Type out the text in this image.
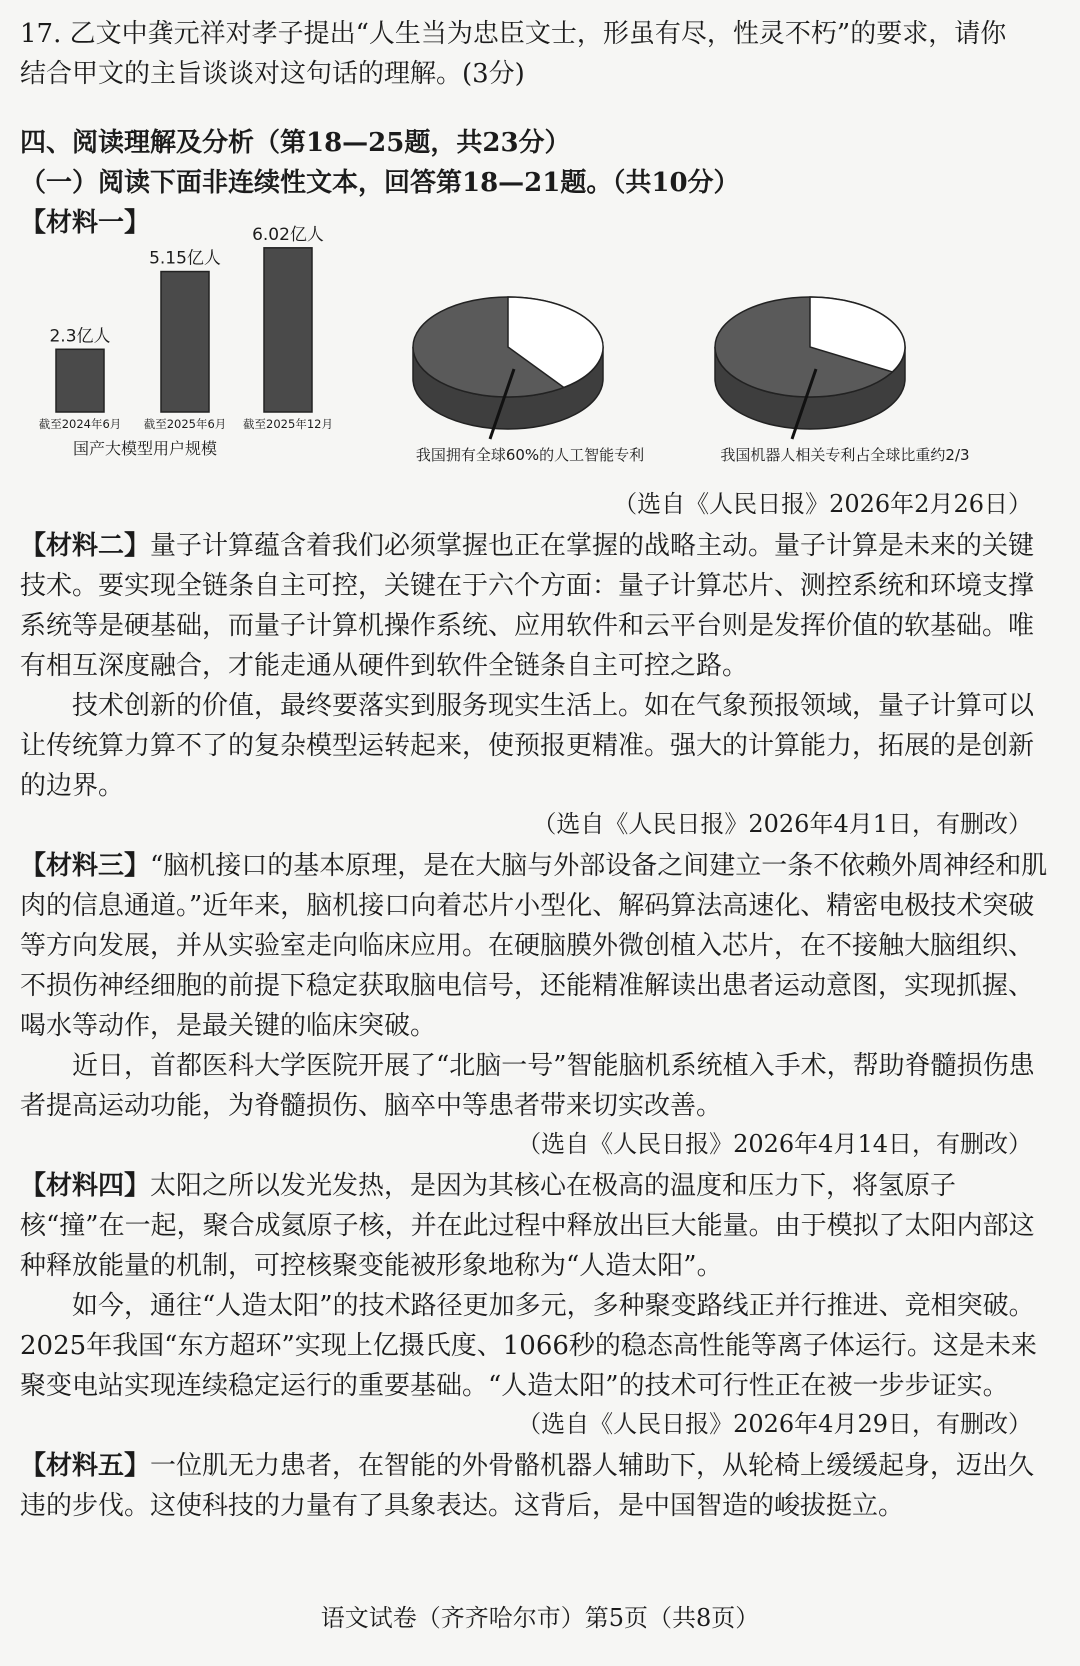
17. 乙文中龚元祥对孝子提出“人生当为忠臣文士，形虽有尽，性灵不朽”的要求，请你

结合甲文的主旨谈谈对这句话的理解。(3分)

四、阅读理解及分析（第18—25题，共23分）

（一）阅读下面非连续性文本，回答第18—21题。（共10分）

【材料一】

2.3亿人
截至2024年6月
5.15亿人
截至2025年6月
6.02亿人
截至2025年12月
国产大模型用户规模	我国拥有全球60%的人工智能专利	我国机器人相关专利占全球比重约2/3

（选自《人民日报》2026年2月26日）

【材料二】量子计算蕴含着我们必须掌握也正在掌握的战略主动。量子计算是未来的关键技术。要实现全链条自主可控，关键在于六个方面：量子计算芯片、测控系统和环境支撑系统等是硬基础，而量子计算机操作系统、应用软件和云平台则是发挥价值的软基础。唯有相互深度融合，才能走通从硬件到软件全链条自主可控之路。

技术创新的价值，最终要落实到服务现实生活上。如在气象预报领域，量子计算可以让传统算力算不了的复杂模型运转起来，使预报更精准。强大的计算能力，拓展的是创新的边界。

（选自《人民日报》2026年4月1日，有删改）

【材料三】“脑机接口的基本原理，是在大脑与外部设备之间建立一条不依赖外周神经和肌肉的信息通道。”近年来，脑机接口向着芯片小型化、解码算法高速化、精密电极技术突破等方向发展，并从实验室走向临床应用。在硬脑膜外微创植入芯片，在不接触大脑组织、不损伤神经细胞的前提下稳定获取脑电信号，还能精准解读出患者运动意图，实现抓握、喝水等动作，是最关键的临床突破。

近日，首都医科大学医院开展了“北脑一号”智能脑机系统植入手术，帮助脊髓损伤患者提高运动功能，为脊髓损伤、脑卒中等患者带来切实改善。

（选自《人民日报》2026年4月14日，有删改）

【材料四】太阳之所以发光发热，是因为其核心在极高的温度和压力下，将氢原子核“撞”在一起，聚合成氦原子核，并在此过程中释放出巨大能量。由于模拟了太阳内部这种释放能量的机制，可控核聚变能被形象地称为“人造太阳”。

如今，通往“人造太阳”的技术路径更加多元，多种聚变路线正并行推进、竞相突破。2025年我国“东方超环”实现上亿摄氏度、1066秒的稳态高性能等离子体运行。这是未来聚变电站实现连续稳定运行的重要基础。“人造太阳”的技术可行性正在被一步步证实。

（选自《人民日报》2026年4月29日，有删改）

【材料五】一位肌无力患者，在智能的外骨骼机器人辅助下，从轮椅上缓缓起身，迈出久违的步伐。这使科技的力量有了具象表达。这背后，是中国智造的峻拔挺立。

语文试卷（齐齐哈尔市）第5页（共8页）
